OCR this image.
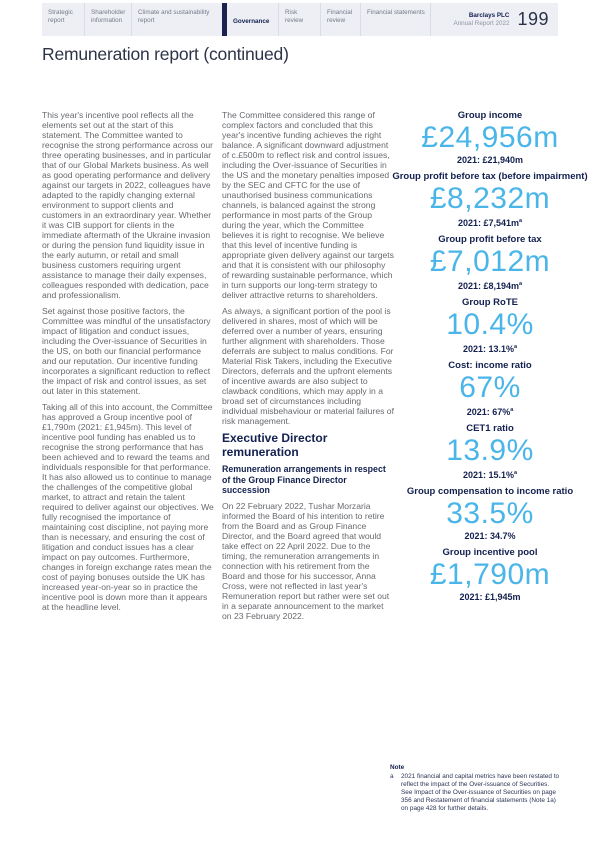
Strategic report
Shareholder information
Climate and sustainability report	Governance
Risk review
Financial review
Financial statements	Barclays PLC
Annual Report 2022 199
Remuneration report (continued)

This year's incentive pool reflects all the elements set out at the start of this statement. The Committee wanted to recognise the strong performance across our three operating businesses, and in particular that of our Global Markets business. As well as good operating performance and delivery against our targets in 2022, colleagues have adapted to the rapidly changing external environment to support clients and customers in an extraordinary year. Whether it was CIB support for clients in the immediate aftermath of the Ukraine invasion or during the pension fund liquidity issue in the early autumn, or retail and small business customers requiring urgent assistance to manage their daily expenses, colleagues responded with dedication, pace and professionalism.

Set against those positive factors, the Committee was mindful of the unsatisfactory impact of litigation and conduct issues, including the Over-issuance of Securities in the US, on both our financial performance and our reputation. Our incentive funding incorporates a significant reduction to reflect the impact of risk and control issues, as set out later in this statement.

Taking all of this into account, the Committee has approved a Group incentive pool of £1,790m (2021: £1,945m). This level of incentive pool funding has enabled us to recognise the strong performance that has been achieved and to reward the teams and individuals responsible for that performance. It has also allowed us to continue to manage the challenges of the competitive global market, to attract and retain the talent required to deliver against our objectives. We fully recognised the importance of maintaining cost discipline, not paying more than is necessary, and ensuring the cost of litigation and conduct issues has a clear impact on pay outcomes. Furthermore, changes in foreign exchange rates mean the cost of paying bonuses outside the UK has increased year-on-year so in practice the incentive pool is down more than it appears at the headline level.

The Committee considered this range of complex factors and concluded that this year's incentive funding achieves the right balance. A significant downward adjustment of c.£500m to reflect risk and control issues, including the Over-issuance of Securities in the US and the monetary penalties imposed by the SEC and CFTC for the use of unauthorised business communications channels, is balanced against the strong performance in most parts of the Group during the year, which the Committee believes it is right to recognise. We believe that this level of incentive funding is appropriate given delivery against our targets and that it is consistent with our philosophy of rewarding sustainable performance, which in turn supports our long-term strategy to deliver attractive returns to shareholders.

As always, a significant portion of the pool is delivered in shares, most of which will be deferred over a number of years, ensuring further alignment with shareholders. Those deferrals are subject to malus conditions. For Material Risk Takers, including the Executive Directors, deferrals and the upfront elements of incentive awards are also subject to clawback conditions, which may apply in a broad set of circumstances including individual misbehaviour or material failures of risk management.

Executive Director remuneration
Remuneration arrangements in respect of the Group Finance Director succession

On 22 February 2022, Tushar Morzaria informed the Board of his intention to retire from the Board and as Group Finance Director, and the Board agreed that would take effect on 22 April 2022. Due to the timing, the remuneration arrangements in connection with his retirement from the Board and those for his successor, Anna Cross, were not reflected in last year's Remuneration report but rather were set out in a separate announcement to the market on 23 February 2022.

Group income
£24,956m
2021: £21,940m
Group profit before tax (before impairment)
£8,232m
2021: $£7,541m^a$
Group profit before tax
£7,012m
2021: $£8,194m^a$
Group RoTE
10.4%
2021: 13.1%$^a$
Cost: income ratio
67%
2021: 67%$^a$
CET1 ratio
13.9%
2021: 15.1%$^a$
Group compensation to income ratio
33.5%
2021: 34.7%
Group incentive pool
£1,790m
2021: £1,945m
Note
a	2021 financial and capital metrics have been restated to reflect the impact of the Over-issuance of Securities. See Impact of the Over-issuance of Securities on page 356 and Restatement of financial statements (Note 1a) on page 428 for further details.
